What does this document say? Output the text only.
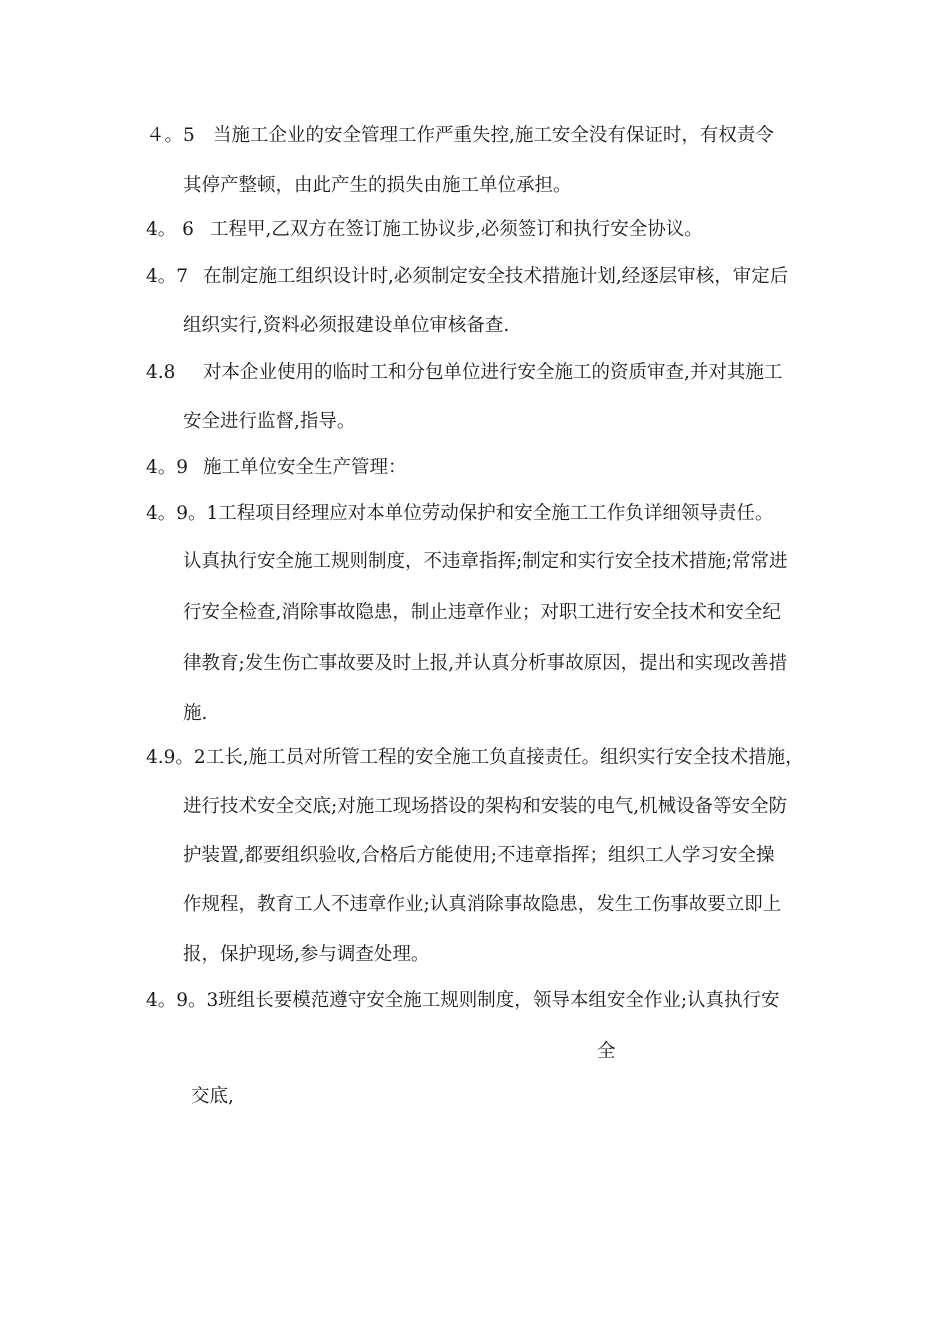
４。5 当施工企业的安全管理工作严重失控,施工安全没有保证时，有权责令
其停产整顿，由此产生的损失由施工单位承担。
4。 6 工程甲,乙双方在签订施工协议步,必须签订和执行安全协议。
4。7 在制定施工组织设计时,必须制定安全技术措施计划,经逐层审核，审定后
组织实行,资料必须报建设单位审核备查.
4.8 对本企业使用的临时工和分包单位进行安全施工的资质审查,并对其施工
安全进行监督,指导。
4。9 施工单位安全生产管理：
4。9。1工程项目经理应对本单位劳动保护和安全施工工作负详细领导责任。
认真执行安全施工规则制度，不违章指挥;制定和实行安全技术措施;常常进
行安全检查,消除事故隐患，制止违章作业；对职工进行安全技术和安全纪
律教育;发生伤亡事故要及时上报,并认真分析事故原因，提出和实现改善措
施.
4.9。2工长,施工员对所管工程的安全施工负直接责任。组织实行安全技术措施，
进行技术安全交底;对施工现场搭设的架构和安装的电气,机械设备等安全防
护装置,都要组织验收,合格后方能使用;不违章指挥；组织工人学习安全操
作规程，教育工人不违章作业;认真消除事故隐患，发生工伤事故要立即上
报，保护现场,参与调查处理。
4。9。3班组长要模范遵守安全施工规则制度，领导本组安全作业;认真执行安
全
交底,
